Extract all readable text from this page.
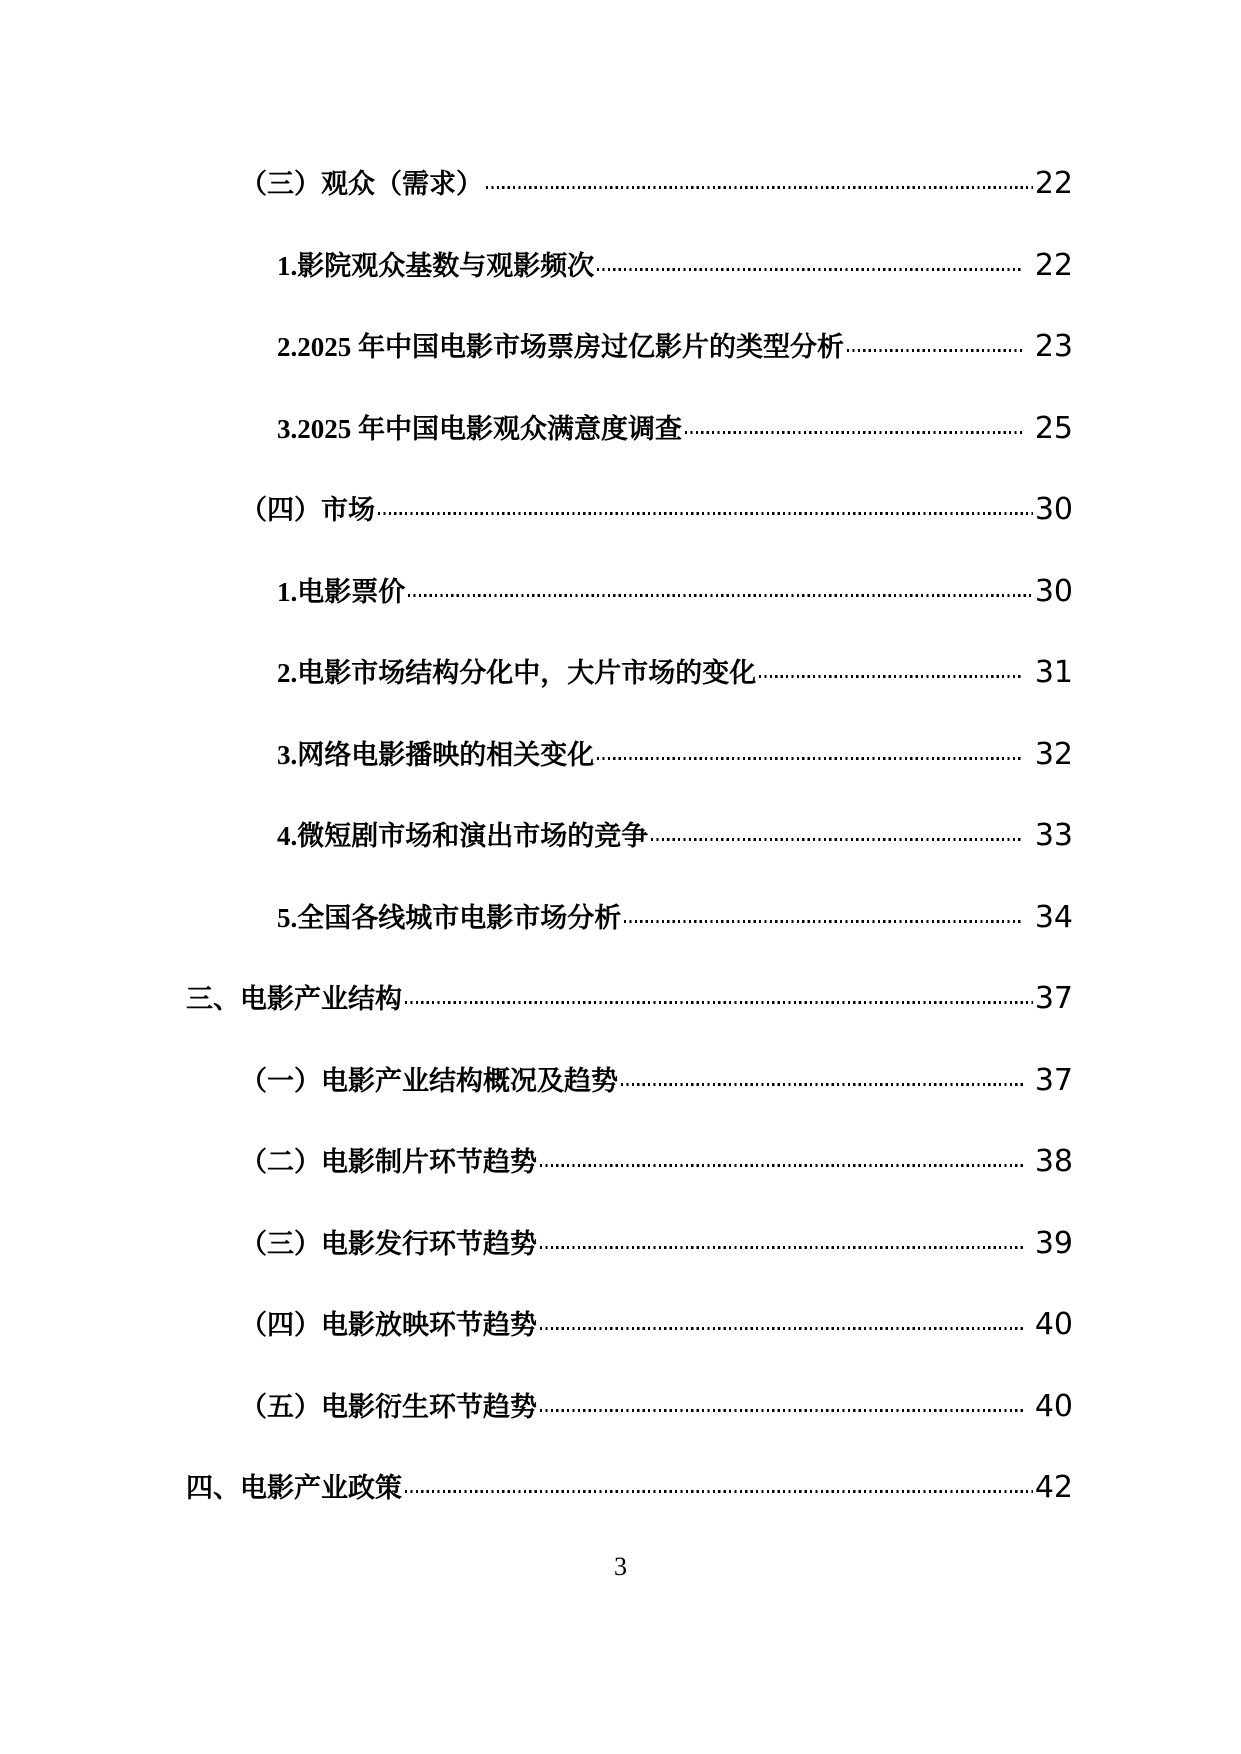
（三）观众（需求）	22
1.影院观众基数与观影频次	22
2.2025 年中国电影市场票房过亿影片的类型分析	23
3.2025 年中国电影观众满意度调查	25
（四）市场	30
1.电影票价	30
2.电影市场结构分化中，大片市场的变化	31
3.网络电影播映的相关变化	32
4.微短剧市场和演出市场的竞争	33
5.全国各线城市电影市场分析	34
三、电影产业结构	37
（一）电影产业结构概况及趋势	37
（二）电影制片环节趋势	38
（三）电影发行环节趋势	39
（四）电影放映环节趋势	40
（五）电影衍生环节趋势	40
四、电影产业政策	42
3
